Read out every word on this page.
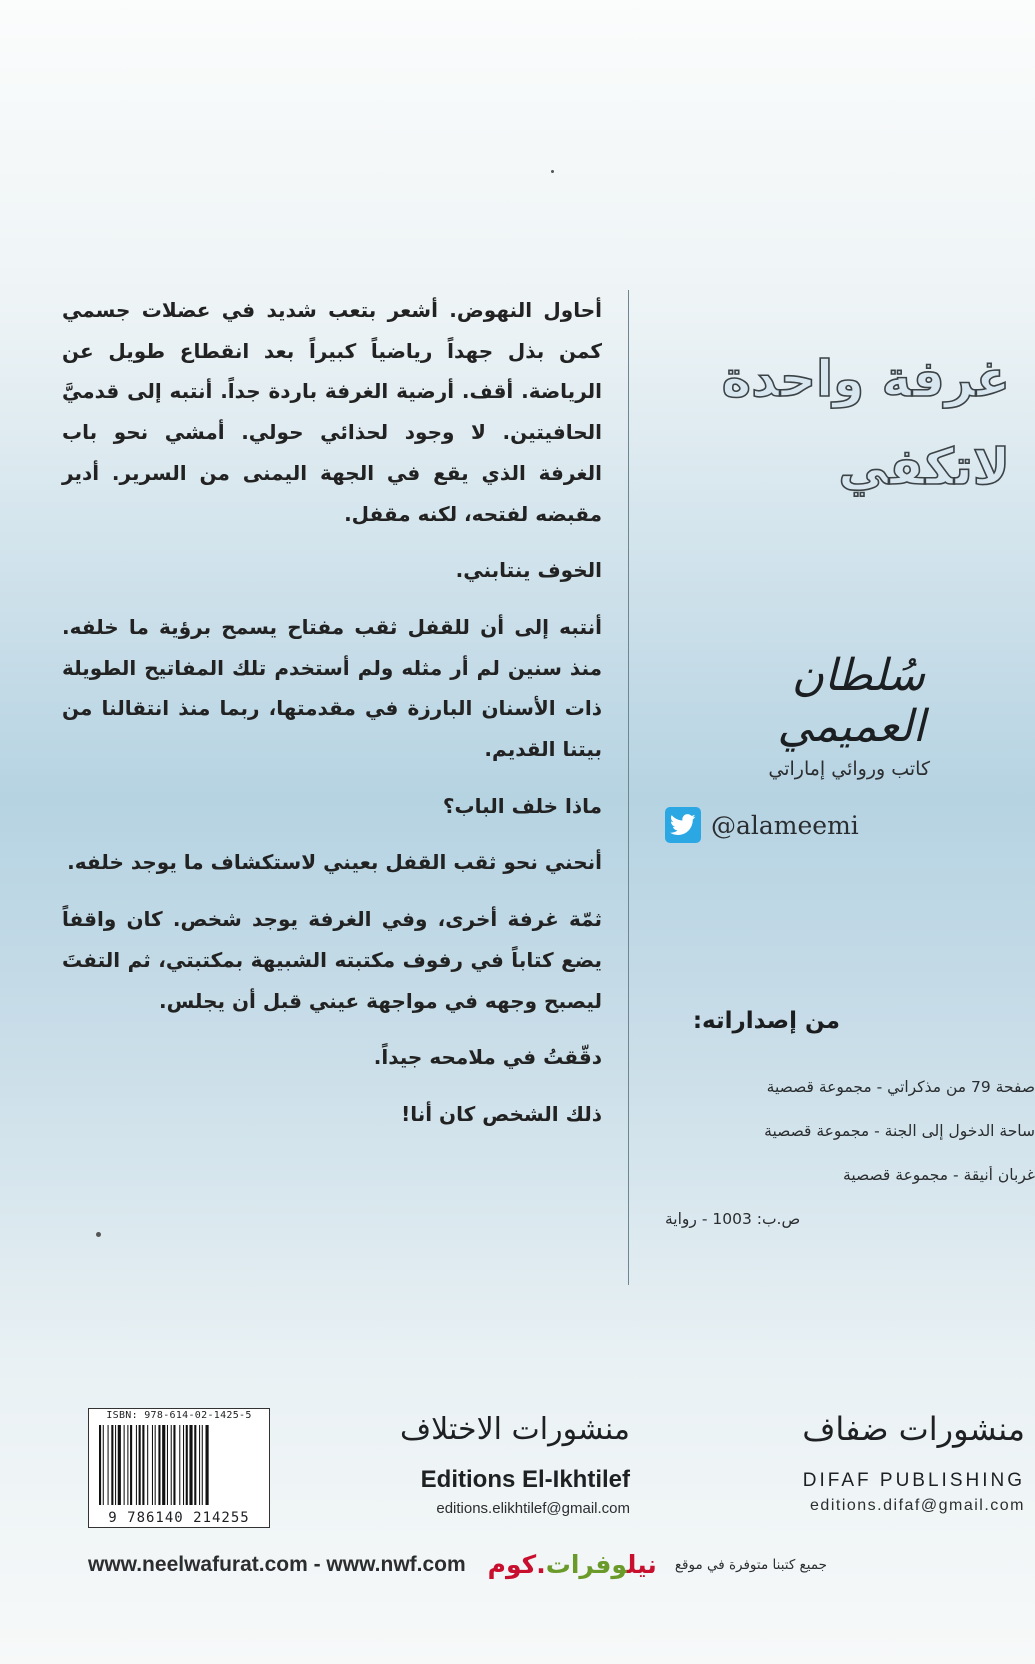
أحاول النهوض. أشعر بتعب شديد في عضلات جسمي كمن بذل جهداً رياضياً كبيراً بعد انقطاع طويل عن الرياضة. أقف. أرضية الغرفة باردة جداً. أنتبه إلى قدميَّ الحافيتين. لا وجود لحذائي حولي. أمشي نحو باب الغرفة الذي يقع في الجهة اليمنى من السرير. أدير مقبضه لفتحه، لكنه مقفل.

الخوف ينتابني.

أنتبه إلى أن للقفل ثقب مفتاح يسمح برؤية ما خلفه. منذ سنين لم أر مثله ولم أستخدم تلك المفاتيح الطويلة ذات الأسنان البارزة في مقدمتها، ربما منذ انتقالنا من بيتنا القديم.

ماذا خلف الباب؟

أنحني نحو ثقب القفل بعيني لاستكشاف ما يوجد خلفه.

ثمّة غرفة أخرى، وفي الغرفة يوجد شخص. كان واقفاً يضع كتاباً في رفوف مكتبته الشبيهة بمكتبتي، ثم التفتَ ليصبح وجهه في مواجهة عيني قبل أن يجلس.

دقّقتُ في ملامحه جيداً.

ذلك الشخص كان أنا!

غرفة واحدة
لاتكفي
سُلطان العميمي
كاتب وروائي إماراتي
@alameemi
من إصداراته:
صفحة 79 من مذكراتي - مجموعة قصصية
ساحة الدخول إلى الجنة - مجموعة قصصية
غربان أنيقة - مجموعة قصصية
ص.ب: 1003 - رواية
ISBN: 978-614-02-1425-5
9 786140 214255
منشورات الاختلاف
Editions El-Ikhtilef
editions.elikhtilef@gmail.com
منشورات ضفاف
DIFAF PUBLISHING
editions.difaf@gmail.com
www.neelwafurat.com - www.nwf.com	نيلوفرات.كوم	جميع كتبنا متوفرة في موقع
